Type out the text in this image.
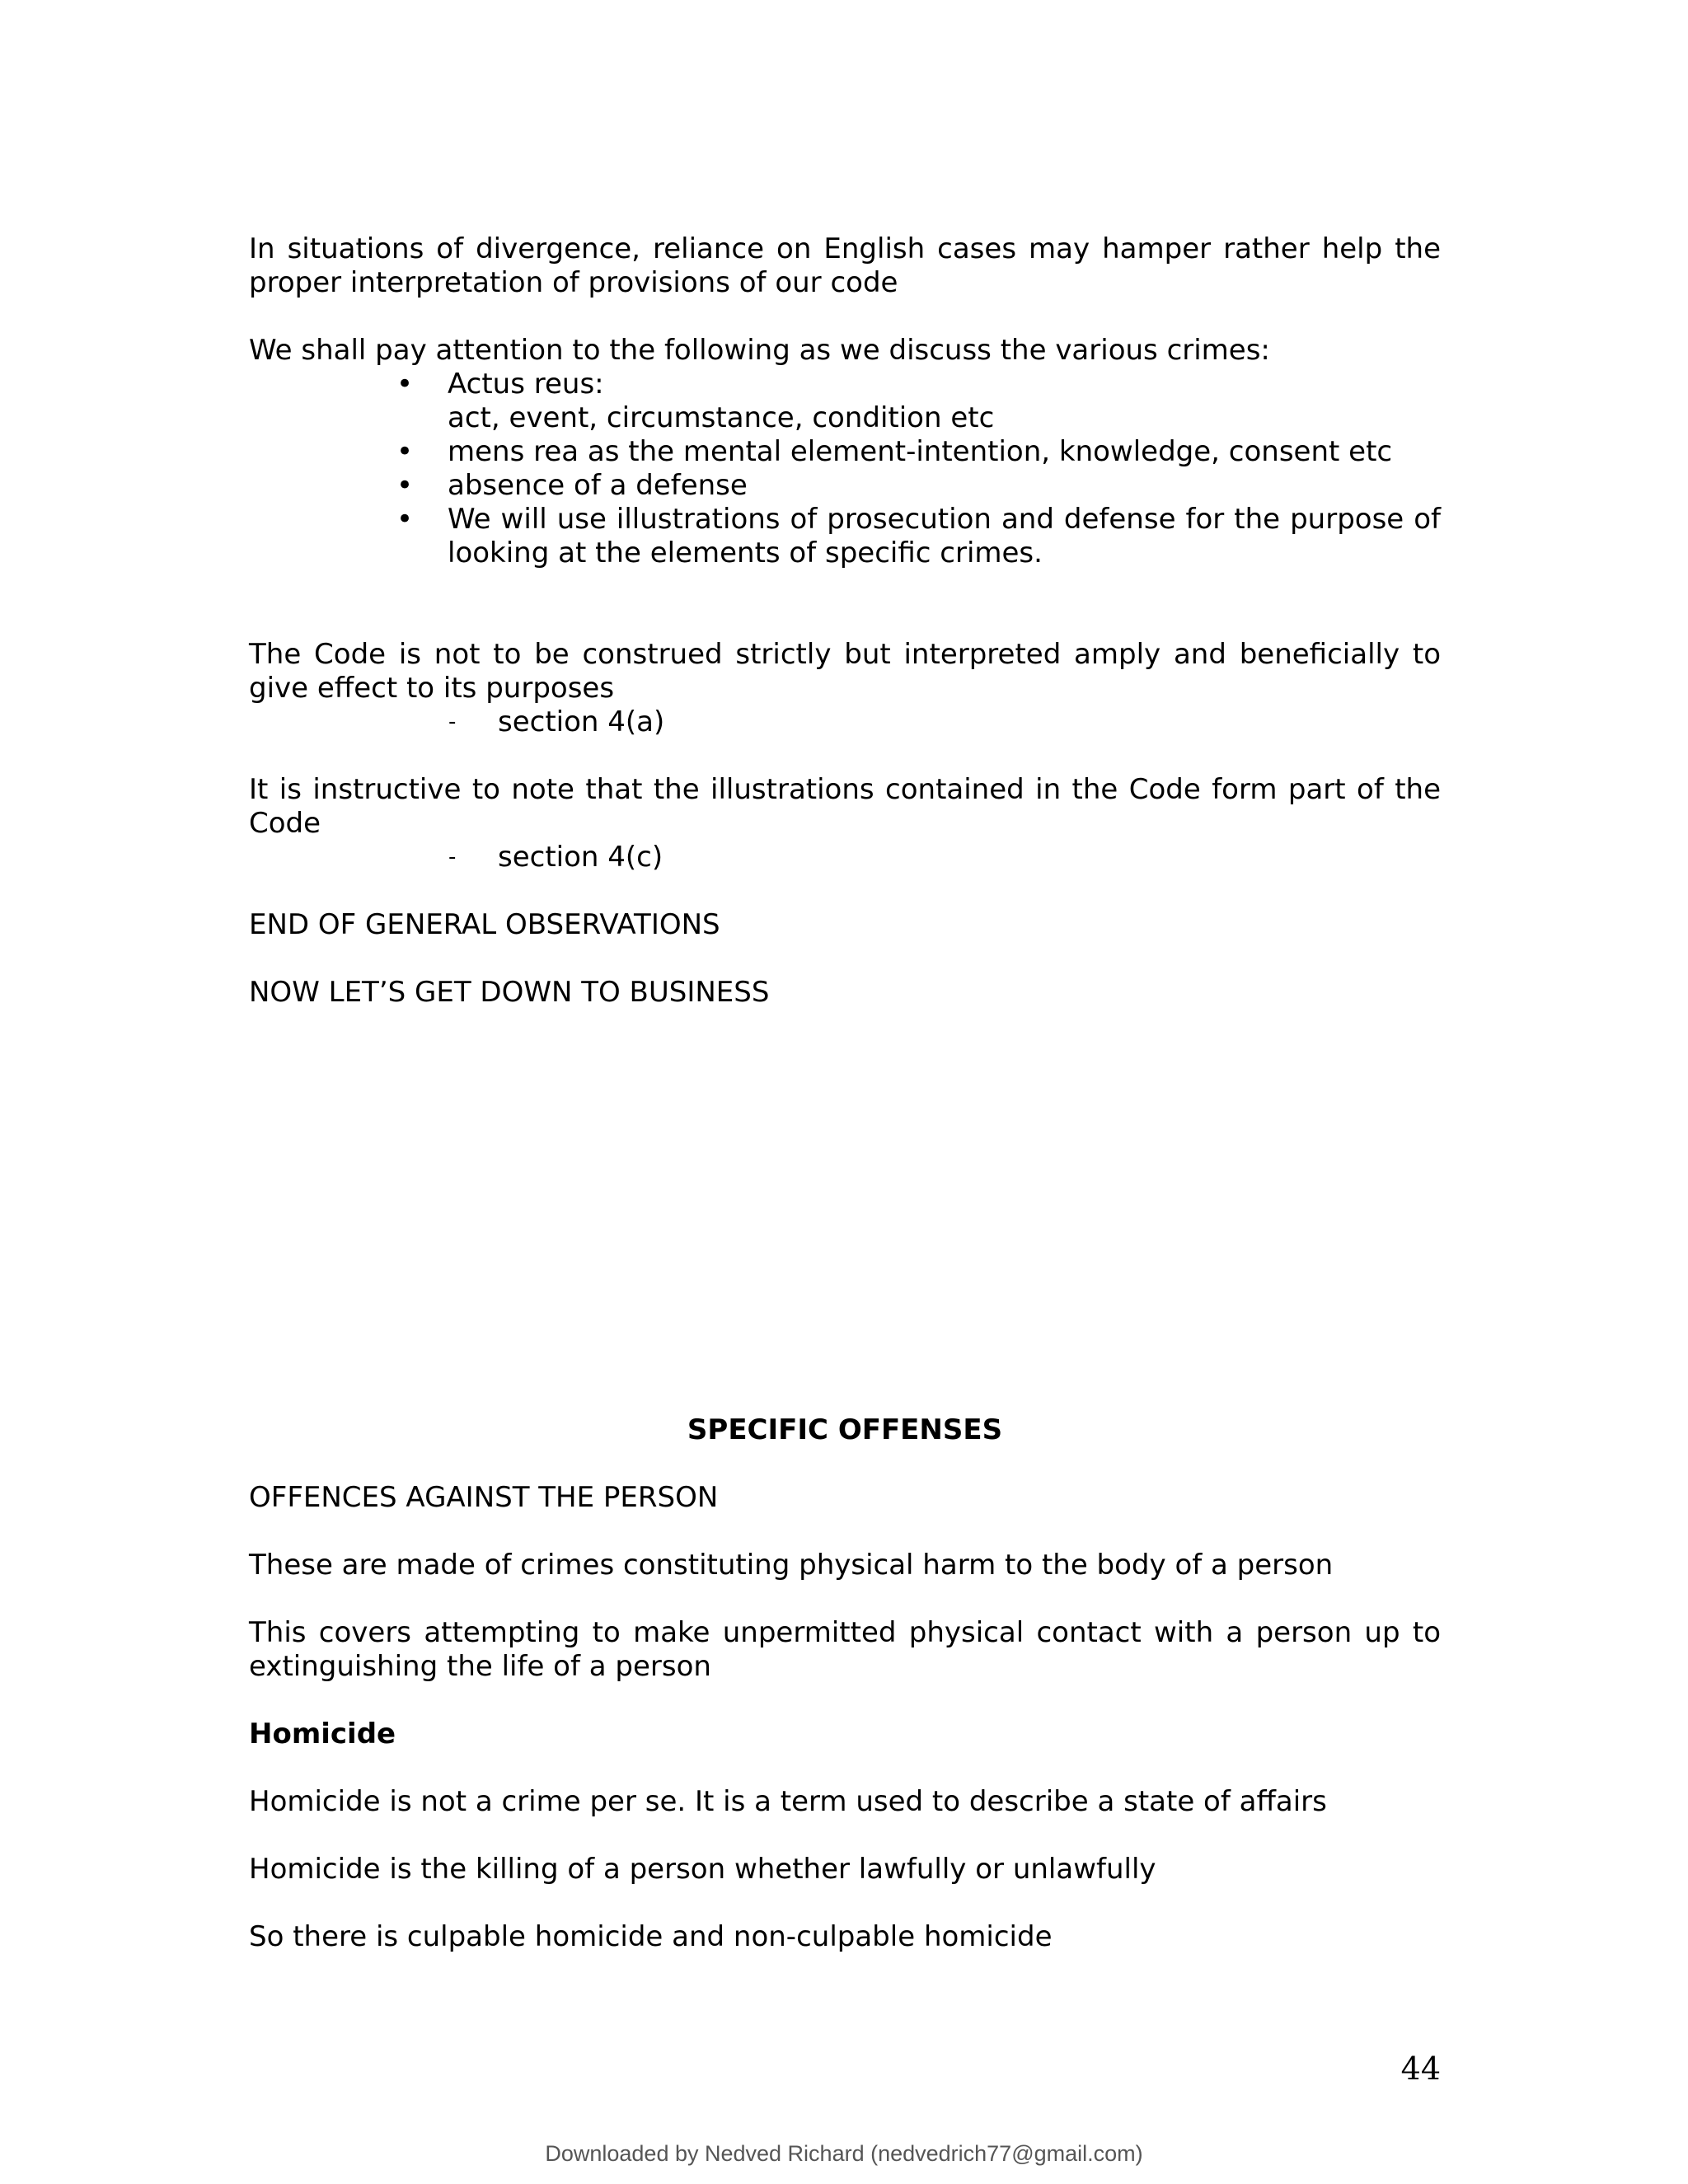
In situations of divergence, reliance on English cases may hamper rather help the proper interpretation of provisions of our code

We shall pay attention to the following as we discuss the various crimes:

• Actus reus:
act, event, circumstance, condition etc
• mens rea as the mental element-intention, knowledge, consent etc
• absence of a defense
• We will use illustrations of prosecution and defense for the purpose of looking at the elements of specific crimes.

The Code is not to be construed strictly but interpreted amply and beneficially to give effect to its purposes

- section 4(a)

It is instructive to note that the illustrations contained in the Code form part of the Code

- section 4(c)

END OF GENERAL OBSERVATIONS

NOW LET’S GET DOWN TO BUSINESS

SPECIFIC OFFENSES

OFFENCES AGAINST THE PERSON

These are made of crimes constituting physical harm to the body of a person

This covers attempting to make unpermitted physical contact with a person up to extinguishing the life of a person

Homicide

Homicide is not a crime per se. It is a term used to describe a state of affairs

Homicide is the killing of a person whether lawfully or unlawfully

So there is culpable homicide and non-culpable homicide

44
Downloaded by Nedved Richard (nedvedrich77@gmail.com)
